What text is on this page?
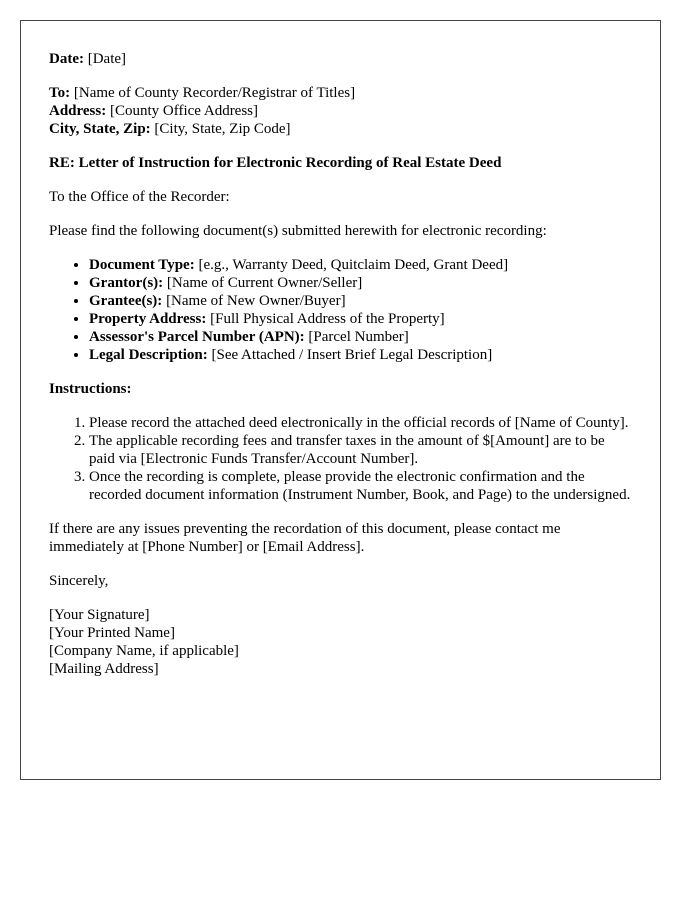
Date: [Date]

To: [Name of County Recorder/Registrar of Titles]
Address: [County Office Address]
City, State, Zip: [City, State, Zip Code]

RE: Letter of Instruction for Electronic Recording of Real Estate Deed

To the Office of the Recorder:

Please find the following document(s) submitted herewith for electronic recording:

• Document Type: [e.g., Warranty Deed, Quitclaim Deed, Grant Deed]
• Grantor(s): [Name of Current Owner/Seller]
• Grantee(s): [Name of New Owner/Buyer]
• Property Address: [Full Physical Address of the Property]
• Assessor's Parcel Number (APN): [Parcel Number]
• Legal Description: [See Attached / Insert Brief Legal Description]

Instructions:

1. Please record the attached deed electronically in the official records of [Name of County].
2. The applicable recording fees and transfer taxes in the amount of $[Amount] are to be paid via [Electronic Funds Transfer/Account Number].
3. Once the recording is complete, please provide the electronic confirmation and the recorded document information (Instrument Number, Book, and Page) to the undersigned.

If there are any issues preventing the recordation of this document, please contact me immediately at [Phone Number] or [Email Address].

Sincerely,

[Your Signature]
[Your Printed Name]
[Company Name, if applicable]
[Mailing Address]
